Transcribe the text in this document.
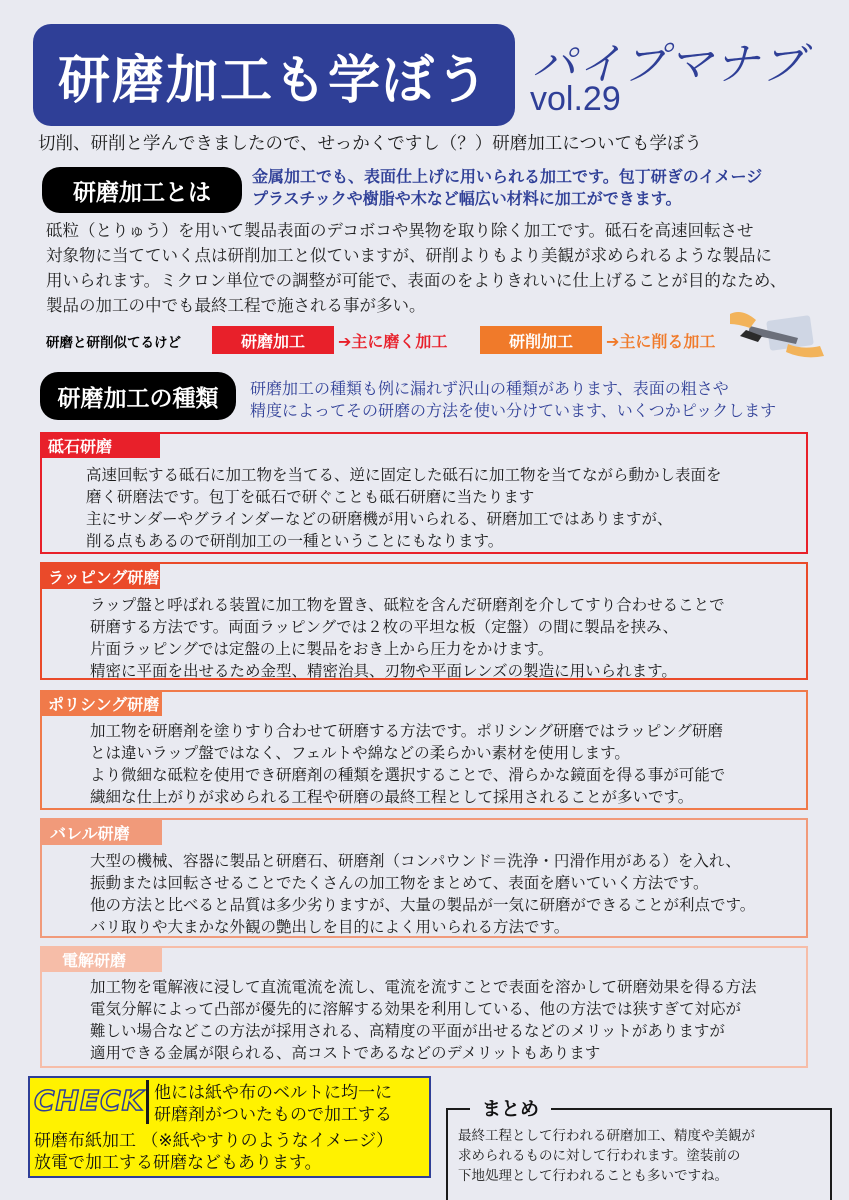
研磨加工も学ぼう パイプマナブ
vol.29
切削、研削と学んできましたので、せっかくですし（？）研磨加工についても学ぼう
研磨加工とは
金属加工でも、表面仕上げに用いられる加工です。包丁研ぎのイメージ
プラスチックや樹脂や木など幅広い材料に加工ができます。
砥粒（とりゅう）を用いて製品表面のデコボコや異物を取り除く加工です。砥石を高速回転させ
対象物に当てていく点は研削加工と似ていますが、研削よりもより美観が求められるような製品に
用いられます。ミクロン単位での調整が可能で、表面のをよりきれいに仕上げることが目的なため、
製品の加工の中でも最終工程で施される事が多い。
研磨と研削似てるけど	研磨加工	➔主に磨く加工	研削加工	➔主に削る加工
研磨加工の種類	研磨加工の種類も例に漏れず沢山の種類があります、表面の粗さや
精度によってその研磨の方法を使い分けています、いくつかピックします
砥石研磨
高速回転する砥石に加工物を当てる、逆に固定した砥石に加工物を当てながら動かし表面を
磨く研磨法です。包丁を砥石で研ぐことも砥石研磨に当たります
主にサンダーやグラインダーなどの研磨機が用いられる、研磨加工ではありますが、
削る点もあるので研削加工の一種ということにもなります。
ラッピング研磨
ラップ盤と呼ばれる装置に加工物を置き、砥粒を含んだ研磨剤を介してすり合わせることで
研磨する方法です。両面ラッピングでは２枚の平坦な板（定盤）の間に製品を挟み、
片面ラッピングでは定盤の上に製品をおき上から圧力をかけます。
精密に平面を出せるため金型、精密治具、刃物や平面レンズの製造に用いられます。
ポリシング研磨
加工物を研磨剤を塗りすり合わせて研磨する方法です。ポリシング研磨ではラッピング研磨
とは違いラップ盤ではなく、フェルトや綿などの柔らかい素材を使用します。
より微細な砥粒を使用でき研磨剤の種類を選択することで、滑らかな鏡面を得る事が可能で
繊細な仕上がりが求められる工程や研磨の最終工程として採用されることが多いです。
バレル研磨
大型の機械、容器に製品と研磨石、研磨剤（コンパウンド＝洗浄・円滑作用がある）を入れ、
振動または回転させることでたくさんの加工物をまとめて、表面を磨いていく方法です。
他の方法と比べると品質は多少劣りますが、大量の製品が一気に研磨ができることが利点です。
バリ取りや大まかな外観の艶出しを目的によく用いられる方法です。
電解研磨
加工物を電解液に浸して直流電流を流し、電流を流すことで表面を溶かして研磨効果を得る方法
電気分解によって凸部が優先的に溶解する効果を利用している、他の方法では狭すぎて対応が
難しい場合などこの方法が採用される、高精度の平面が出せるなどのメリットがありますが
適用できる金属が限られる、高コストであるなどのデメリットもあります
CHECK 他には紙や布のベルトに均一に
研磨剤がついたもので加工する
研磨布紙加工 （※紙やすりのようなイメージ）
放電で加工する研磨などもあります。
まとめ
最終工程として行われる研磨加工、精度や美観が
求められるものに対して行われます。塗装前の
下地処理として行われることも多いですね。
